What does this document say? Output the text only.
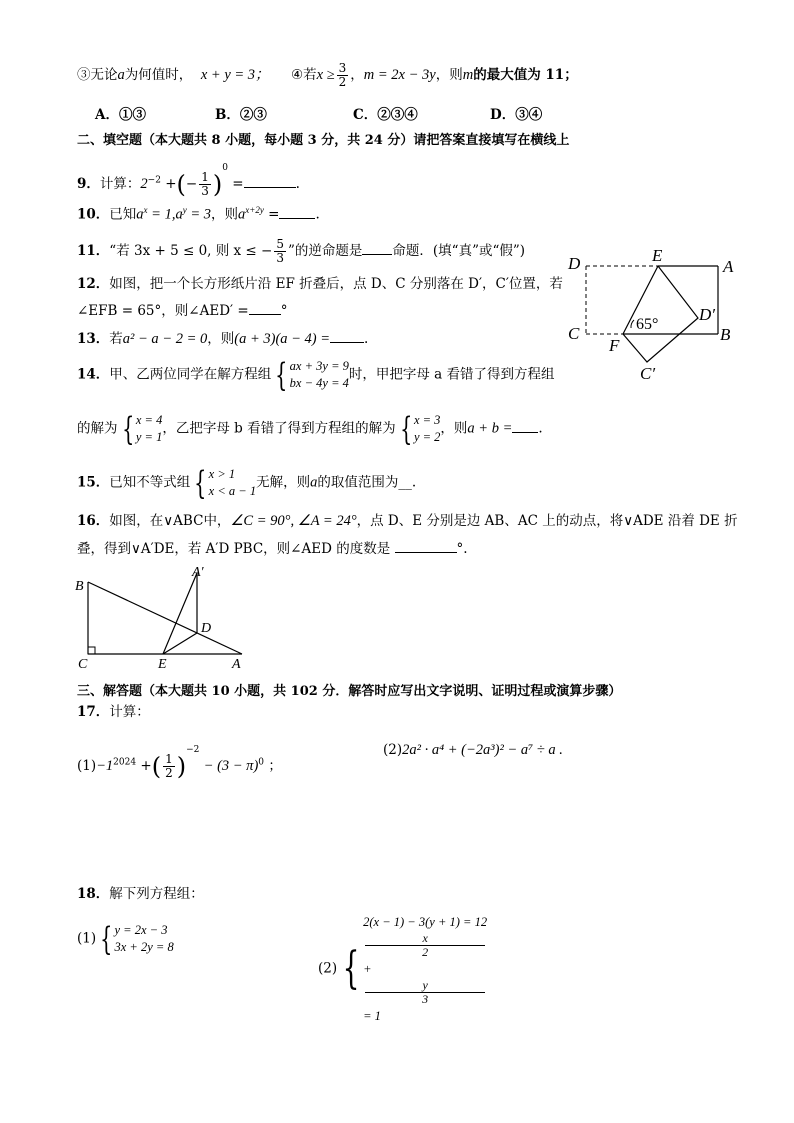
③无论a为何值时， x + y = 3； ④若$x \ge \frac{3}{2}$ ，m = 2x − 3y，则m的最大值为 11；
A．①③	B．②③	C．②③④	D．③④
二、填空题（本大题共 8 小题，每小题 3 分，共 24 分）请把答案直接填写在横线上
9．计算：$2^{-2}$ +(− $\frac{1}{3} )^0$ =	.
10．已知$a^x = 1,a^y = 3$，则$a^{x+2y}$ =	.
11．“若 3x + 5 ≤ 0, 则 x ≤ − $\frac{5}{3}$ ”的逆命题是 命题．(填“真”或“假”)
12．如图，把一个长方形纸片沿 EF 折叠后，点 D、C 分别落在 D′，C′位置，若
∠EFB = 65°，则∠AED′ = °
13．若a² − a − 2 = 0，则(a + 3)(a − 4) =	.
14．甲、乙两位同学在解方程组 { ax + 3y = 9
bx − 4y = 4
时，甲把字母 a 看错了得到方程组
的解为 { x = 4
y = 1
，乙把字母 b 看错了得到方程组的解为 { x = 3
y = 2
，则a + b = .
15．已知不等式组 { x > 1
x < a − 1
无解，则a的取值范围为__.
16．如图，在∨ABC中，∠C = 90°, ∠A = 24°，点 D、E 分别是边 AB、AC 上的动点，将∨ADE 沿着 DE 折
叠，得到∨A′DE，若 A′D PBC，则∠AED 的度数是	°.
D	E
A
D′
65°
C
F
B
C′
B
A′
D
C	E	A
三、解答题（本大题共 10 小题，共 102 分．解答时应写出文字说明、证明过程或演算步骤）
17．计算：
$(1)-1^{2024}$ +( $\frac{1}{2} )^{-2} - (3 - \pi)^0$ ；
(2)2a² · a⁴ + (−2a³)² − a⁷ ÷ a .
18．解下列方程组：
(1) { y = 2x − 3
3x + 2y = 8
(2) {
2(x − 1) − 3(y + 1) = 12
x
2
+
y
3
= 1
